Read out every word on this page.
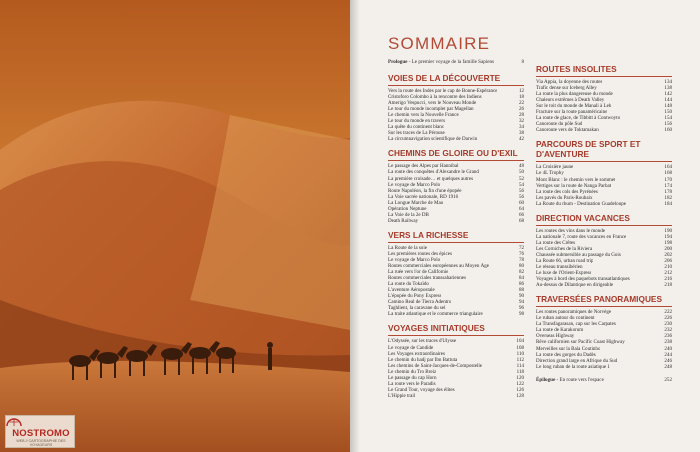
NOSTROMO
WEB // CARTOGRAPHIE DES VOYAGEURS
SOMMAIRE
Prologue - Le premier voyage de la famille Sapiens	8
VOIES DE LA DÉCOUVERTE
Vers la route des Indes par le cap de Bonne-Espérance	12
Cristoforo Colombo à la rencontre des Indiens	18
Amerigo Vespucci, vers le Nouveau Monde	22
Le tour du monde incomplet par Magellan	26
Le chemin vers la Nouvelle France	28
Le tour du monde en travers	32
La quête du continent blanc	34
Sur les traces de La Pérouse	38
La circumnavigation scientifique de Darwin	42
CHEMINS DE GLOIRE OU D'EXIL
Le passage des Alpes par Hannibal	48
La route des conquêtes d'Alexandre le Grand	50
La première croisade… et quelques autres	52
Le voyage de Marco Polo	54
Route Napoléon, la fin d'une épopée	56
La Voie sacrée nationale, RD 1916	56
La Longue Marche de Mao	60
Opération Neptune	64
La Voie de la 2e DB	66
Death Railway	68
VERS LA RICHESSE
La Route de la soie	72
Les premières routes des épices	76
Le voyage de Marco Polo	78
Routes commerciales européennes au Moyen Âge	80
La ruée vers l'or de Californie	82
Routes commerciales transsahariennes	84
La route du Tokaïdo	86
L'aventure Aéropostale	88
L'épopée du Pony Express	90
Camino Real de Tierra Adentro	94
Taghlient, la caravane du sel	96
La traite atlantique et le commerce triangulaire	98
VOYAGES INITIATIQUES
L'Odyssée, sur les traces d'Ulysse	104
Le voyage de Candide	108
Les Voyages extraordinaires	110
Le chemin du hadj par Ibn Battuta	112
Les chemins de Saint-Jacques-de-Compostelle	114
Le chemin du Tro Breiz	118
Le passage du cap Horn	120
La route vers le Paradis	122
Le Grand Tour, voyage des élites	126
L'Hippie trail	128
ROUTES INSOLITES
Via Appia, la doyenne des routes	134
Trafic dense sur Iceberg Alley	138
La route la plus dangereuse du monde	142
Chaleurs extrêmes à Death Valley	144
Sur le toit du monde de Manali à Leh	148
Fracture sur la route panaméricaine	150
La route de glace, de Tibbitt à Contwoyto	154
Canoroute du pôle Sud	156
Canoroute vers de Toktamakan	160
PARCOURS DE SPORT ET D'AVENTURE
La Croisière jaune	164
Le 4L Trophy	168
Mont Blanc : le chemin vers le sommet	170
Vertiges sur la route de Nanga Parbat	174
La route des cols des Pyrénées	178
Les pavés du Paris-Roubaix	182
La Route du rhum - Destination Guadeloupe	184
DIRECTION VACANCES
Les routes des vins dans le monde	190
La nationale 7, route des vacances en France	194
La route des Crêtes	198
Les Corniches de la Riviera	200
Chaussée submersible au passage du Gois	202
La Route 66, urban road trip	206
Le réseau transsibérien	210
Le luxe de l'Orient-Express	212
Voyages à bord des paquebots transatlantiques	216
Au-dessus de Dilantique en dirigeable	218
TRAVERSÉES PANORAMIQUES
Les routes panoramiques de Norvège	222
Le ruban autour du continent	226
La Transfagarasan, cap sur les Carpates	230
La route de Karakorum	232
Overseas Highway	236
Rêve californien sur Pacific Coast Highway	238
Merveilles sur la Baía Coutinho	240
La route des gorges du Dadès	244
Direction grand large en Afrique du Sud	246
Le long ruban de la route asiatique 1	248
Épilogue - En route vers l'espace	252
